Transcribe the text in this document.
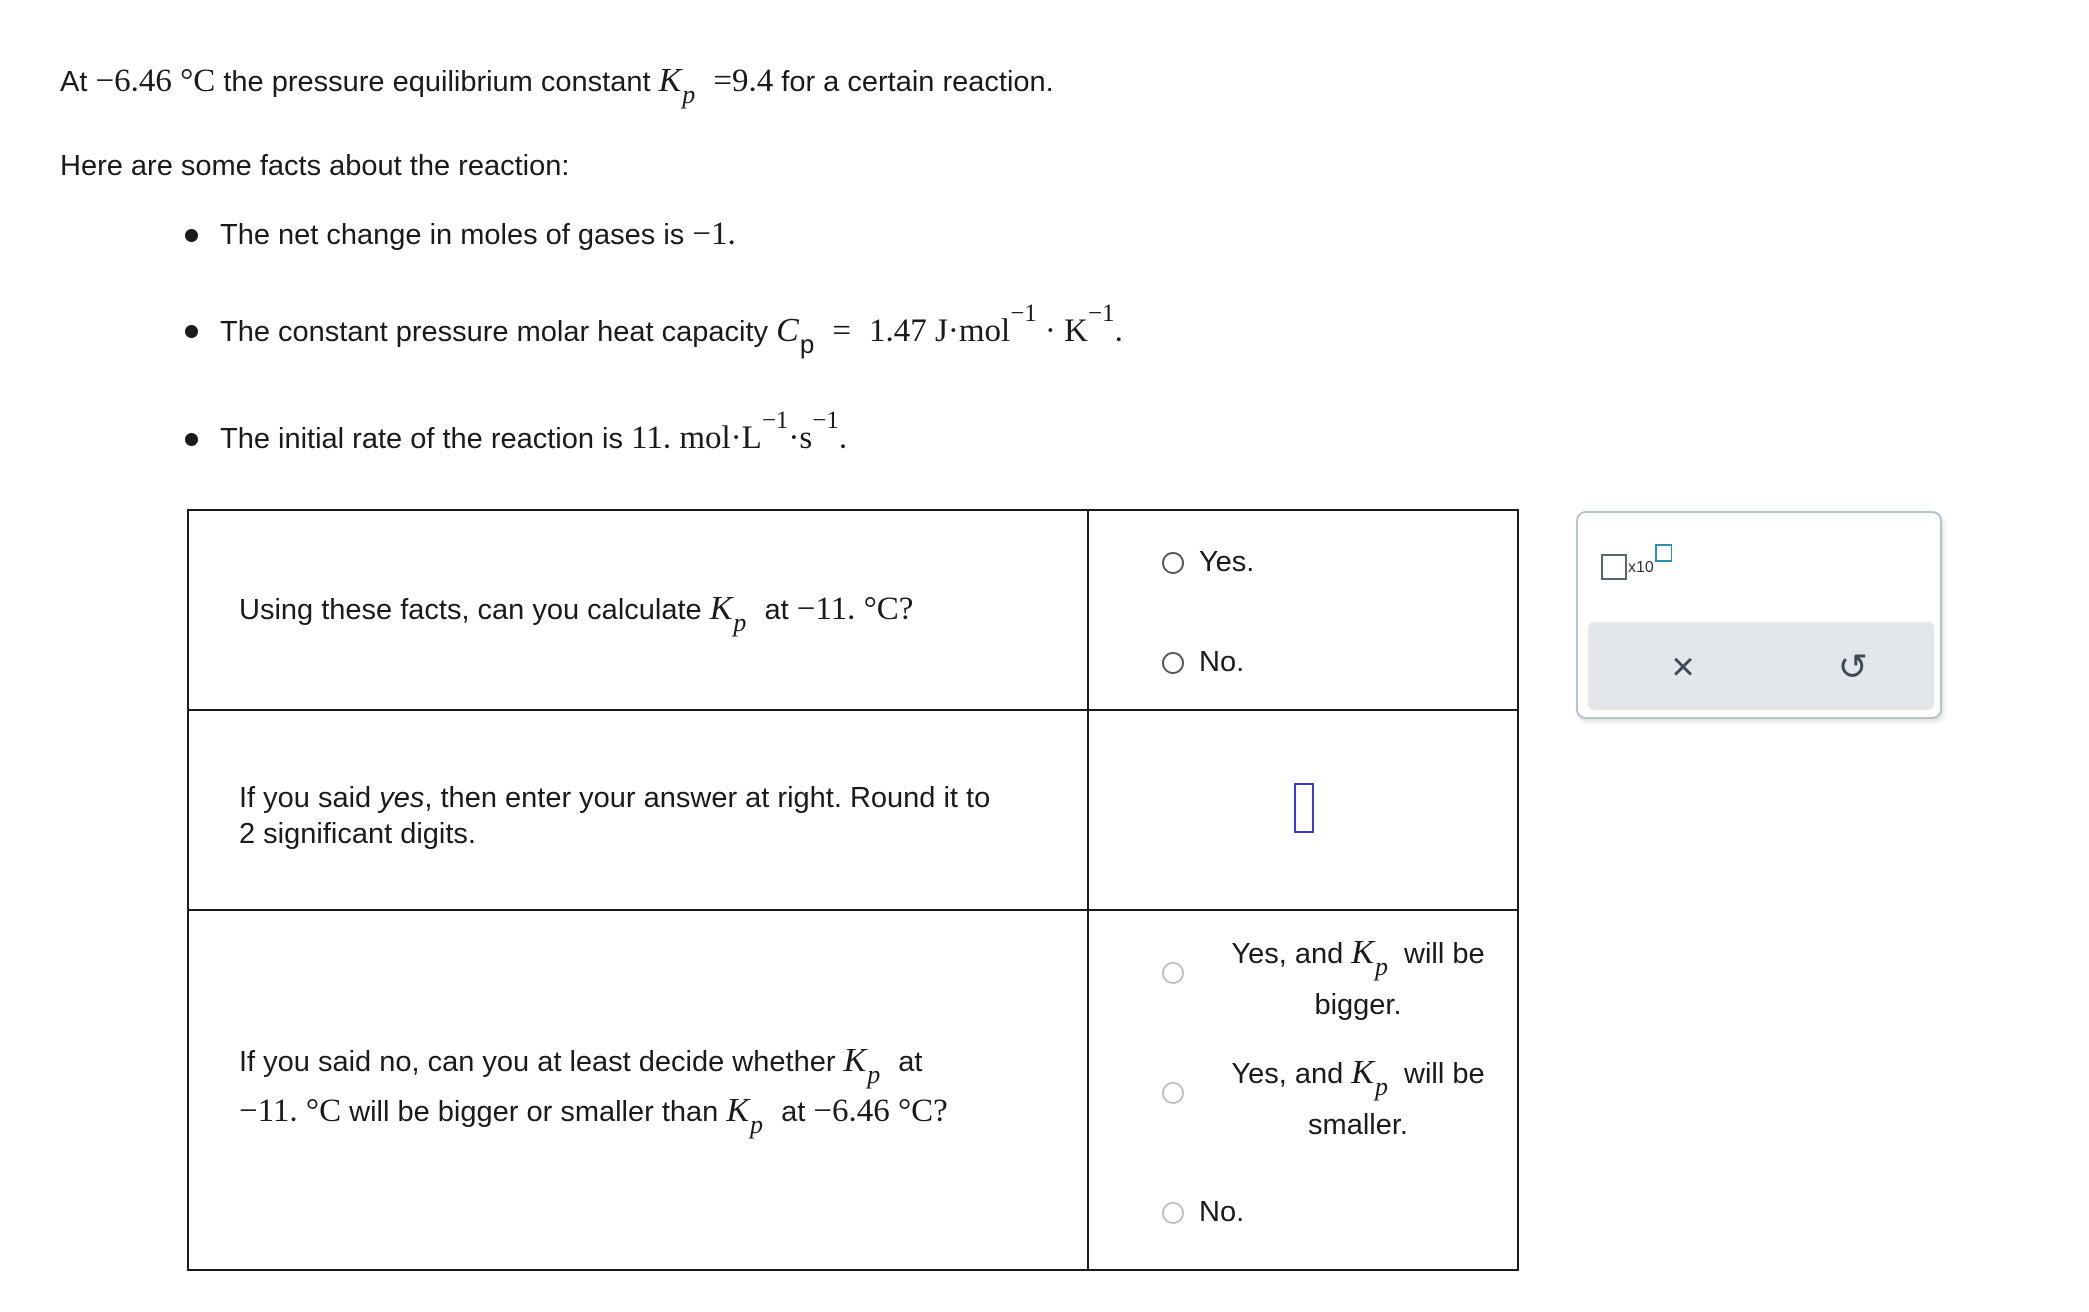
At −6.46 °C the pressure equilibrium constant Kp =9.4 for a certain reaction.
Here are some facts about the reaction:
The net change in moles of gases is −1.
The constant pressure molar heat capacity Cp = 1.47 J·mol−1 · K−1.
The initial rate of the reaction is 11. mol·L−1·s−1.
Using these facts, can you calculate Kp at −11. °C?
Yes.
No.
If you said yes, then enter your answer at right. Round it to
2 significant digits.
If you said no, can you at least decide whether Kp at
−11. °C will be bigger or smaller than Kp at −6.46 °C?
Yes, and Kp will be
bigger.
Yes, and Kp will be
smaller.
No.
x10
×	↺
